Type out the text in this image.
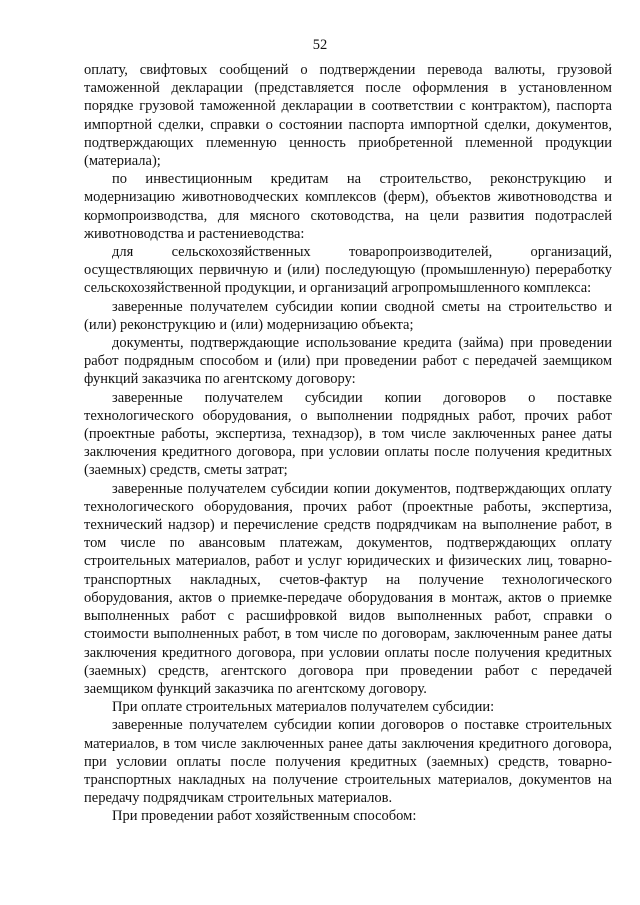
52

оплату, свифтовых сообщений о подтверждении перевода валюты, грузовой таможенной декларации (представляется после оформления в установленном порядке грузовой таможенной декларации в соответствии с контрактом), паспорта импортной сделки, справки о состоянии паспорта импортной сделки, документов, подтверждающих племенную ценность приобретенной племенной продукции (материала);

по инвестиционным кредитам на строительство, реконструкцию и модернизацию животноводческих комплексов (ферм), объектов животноводства и кормопроизводства, для мясного скотоводства, на цели развития подотраслей животноводства и растениеводства:

для сельскохозяйственных товаропроизводителей, организаций, осуществляющих первичную и (или) последующую (промышленную) переработку сельскохозяйственной продукции, и организаций агропромышленного комплекса:

заверенные получателем субсидии копии сводной сметы на строительство и (или) реконструкцию и (или) модернизацию объекта;

документы, подтверждающие использование кредита (займа) при проведении работ подрядным способом и (или) при проведении работ с передачей заемщиком функций заказчика по агентскому договору:

заверенные получателем субсидии копии договоров о поставке технологического оборудования, о выполнении подрядных работ, прочих работ (проектные работы, экспертиза, технадзор), в том числе заключенных ранее даты заключения кредитного договора, при условии оплаты после получения кредитных (заемных) средств, сметы затрат;

заверенные получателем субсидии копии документов, подтверждающих оплату технологического оборудования, прочих работ (проектные работы, экспертиза, технический надзор) и перечисление средств подрядчикам на выполнение работ, в том числе по авансовым платежам, документов, подтверждающих оплату строительных материалов, работ и услуг юридических и физических лиц, товарно-транспортных накладных, счетов-фактур на получение технологического оборудования, актов о приемке-передаче оборудования в монтаж, актов о приемке выполненных работ с расшифровкой видов выполненных работ, справки о стоимости выполненных работ, в том числе по договорам, заключенным ранее даты заключения кредитного договора, при условии оплаты после получения кредитных (заемных) средств, агентского договора при проведении работ с передачей заемщиком функций заказчика по агентскому договору.

При оплате строительных материалов получателем субсидии:

заверенные получателем субсидии копии договоров о поставке строительных материалов, в том числе заключенных ранее даты заключения кредитного договора, при условии оплаты после получения кредитных (заемных) средств, товарно-транспортных накладных на получение строительных материалов, документов на передачу подрядчикам строительных материалов.

При проведении работ хозяйственным способом:
